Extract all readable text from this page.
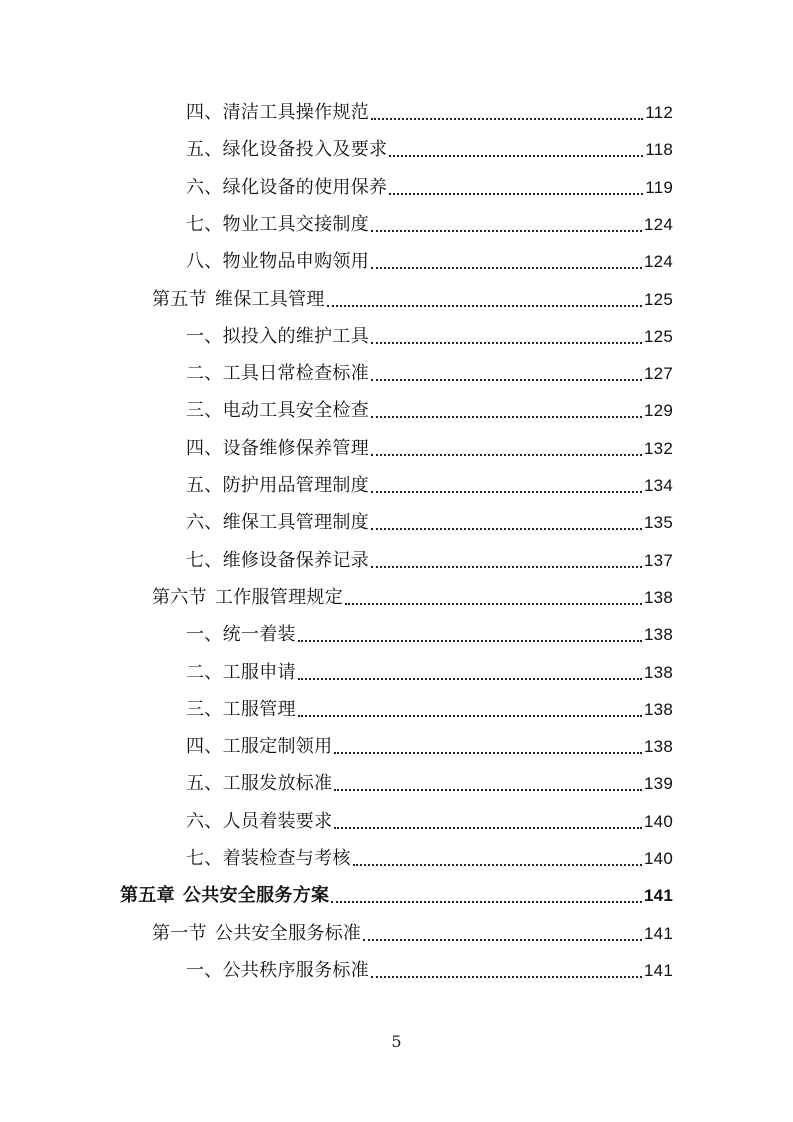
四、清洁工具操作规范	112
五、绿化设备投入及要求	118
六、绿化设备的使用保养	119
七、物业工具交接制度	124
八、物业物品申购领用	124
第五节 维保工具管理	125
一、拟投入的维护工具	125
二、工具日常检查标准	127
三、电动工具安全检查	129
四、设备维修保养管理	132
五、防护用品管理制度	134
六、维保工具管理制度	135
七、维修设备保养记录	137
第六节 工作服管理规定	138
一、统一着装	138
二、工服申请	138
三、工服管理	138
四、工服定制领用	138
五、工服发放标准	139
六、人员着装要求	140
七、着装检查与考核	140
第五章 公共安全服务方案	141
第一节 公共安全服务标准	141
一、公共秩序服务标准	141
5
